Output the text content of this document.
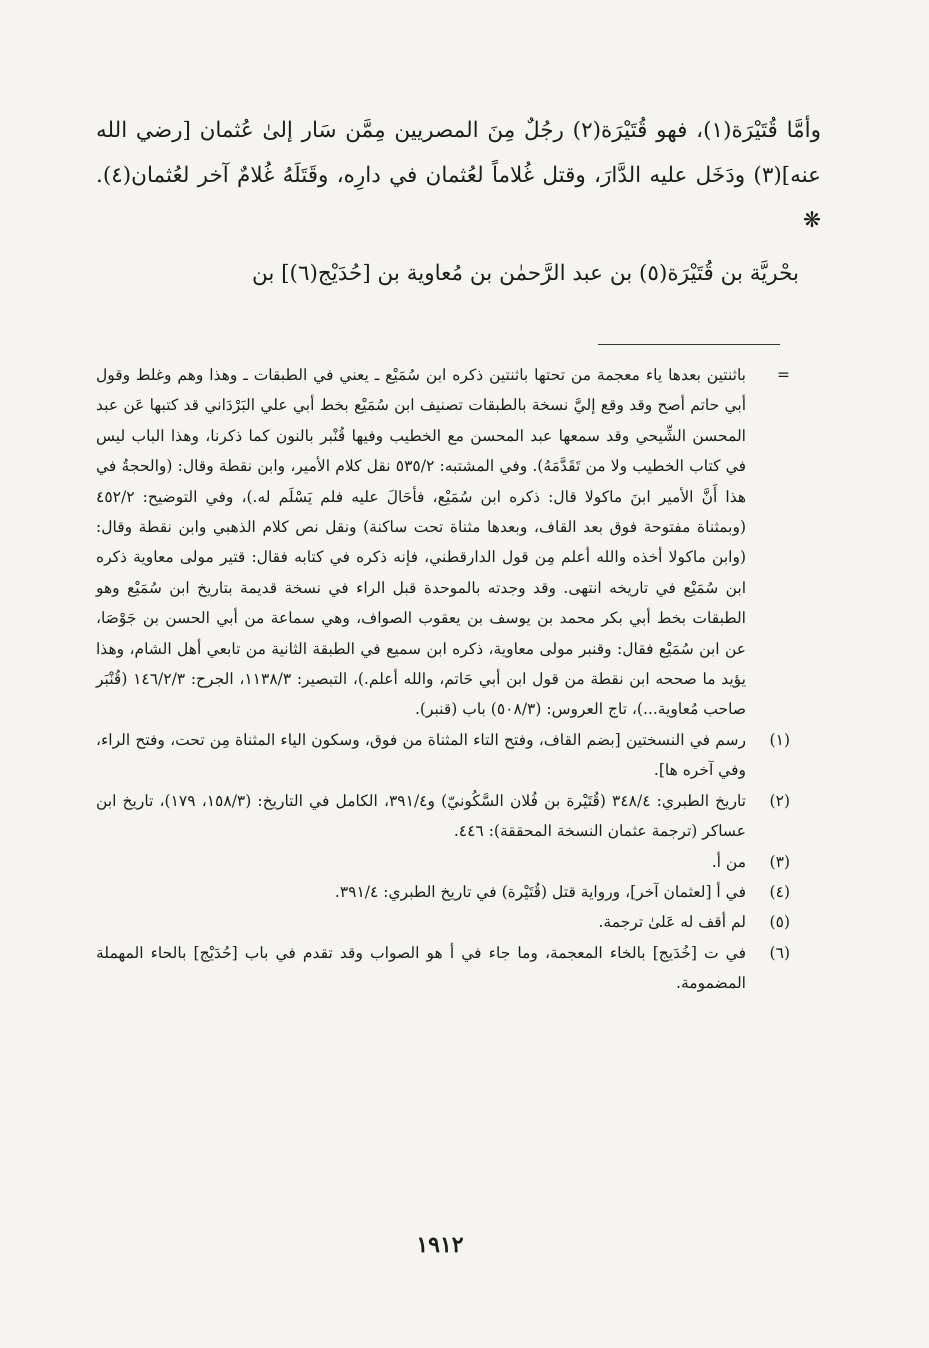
وأمَّا قُتَيْرَة(١)، فهو قُتَيْرَة(٢) رجُلٌ مِنَ المصريين مِمَّن سَار إلىٰ عُثمان [رضي الله عنه](٣) ودَخَل عليه الدَّارَ، وقتل غُلاماً لعُثمان في دارِه، وقَتَلَهُ غُلامٌ آخر لعُثمان(٤). ❋

بحْريَّة بن قُتَيْرَة(٥) بن عبد الرَّحمٰن بن مُعاوية بن [حُدَيْج(٦)] بن

=
باثنتين بعدها ياء معجمة من تحتها باثنتين ذكره ابن سُمَيْع ـ يعني في الطبقات ـ وهذا وهم وغلط وقول أبي حاتم أصح وقد وقع إليَّ نسخة بالطبقات تصنيف ابن سُمَيْع بخط أبي علي البَرْدَاني قد كتبها عَن عبد المحسن الشِّيحي وقد سمعها عبد المحسن مع الخطيب وفيها قُنْبر بالنون كما ذكرنا، وهذا الباب ليس في كتاب الخطيب ولا من تَقَدَّمَهُ). وفي المشتبه: ٥٣٥/٢ نقل كلام الأمير، وابن نقطة وقال: (والحجةُ في هذا أَنَّ الأمير ابنَ ماكولا قال: ذكره ابن سُمَيْع، فأحَالَ عليه فلم يَسْلَم له.)، وفي التوضيح: ٤٥٢/٢ (وبمثناة مفتوحة فوق بعد القاف، وبعدها مثناة تحت ساكنة) ونقل نص كلام الذهبي وابن نقطة وقال: (وابن ماكولا أخذه والله أعلم مِن قول الدارقطني، فإنه ذكره في كتابه فقال: قتير مولى معاوية ذكره ابن سُمَيْع في تاريخه انتهى. وقد وجدته بالموحدة قبل الراء في نسخة قديمة بتاريخ ابن سُمَيْع وهو الطبقات بخط أبي بكر محمد بن يوسف بن يعقوب الصواف، وهي سماعة من أبي الحسن بن جَوْصَا، عن ابن سُمَيْع فقال: وقنبر مولى معاوية، ذكره ابن سميع في الطبقة الثانية من تابعي أهل الشام، وهذا يؤيد ما صححه ابن نقطة من قول ابن أبي حَاتم، والله أعلم.)، التبصير: ١١٣٨/٣، الجرح: ١٤٦/٢/٣ (قُنْبَر صاحب مُعاوية...)، تاج العروس: (٥٠٨/٣) باب (قنبر).
(١)
رسم في النسختين [بضم القاف، وفتح التاء المثناة من فوق، وسكون الياء المثناة مِن تحت، وفتح الراء، وفي آخره ها].
(٢)
تاريخ الطبري: ٣٤٨/٤ (قُتَيْرة بن فُلان السَّكُونيّ) و٣٩١/٤، الكامل في التاريخ: (١٥٨/٣، ١٧٩)، تاريخ ابن عساكر (ترجمة عثمان النسخة المحققة): ٤٤٦.
(٣)
من أ.
(٤)
في أ [لعثمان آخر]، ورواية قتل (قُتَيْرة) في تاريخ الطبري: ٣٩١/٤.
(٥)
لم أقف له عَلىٰ ترجمة.
(٦)
في ت [خُدَيج] بالخاء المعجمة، وما جاء في أ هو الصواب وقد تقدم في باب [حُدَيْج] بالحاء المهملة المضمومة.
١٩١٢
